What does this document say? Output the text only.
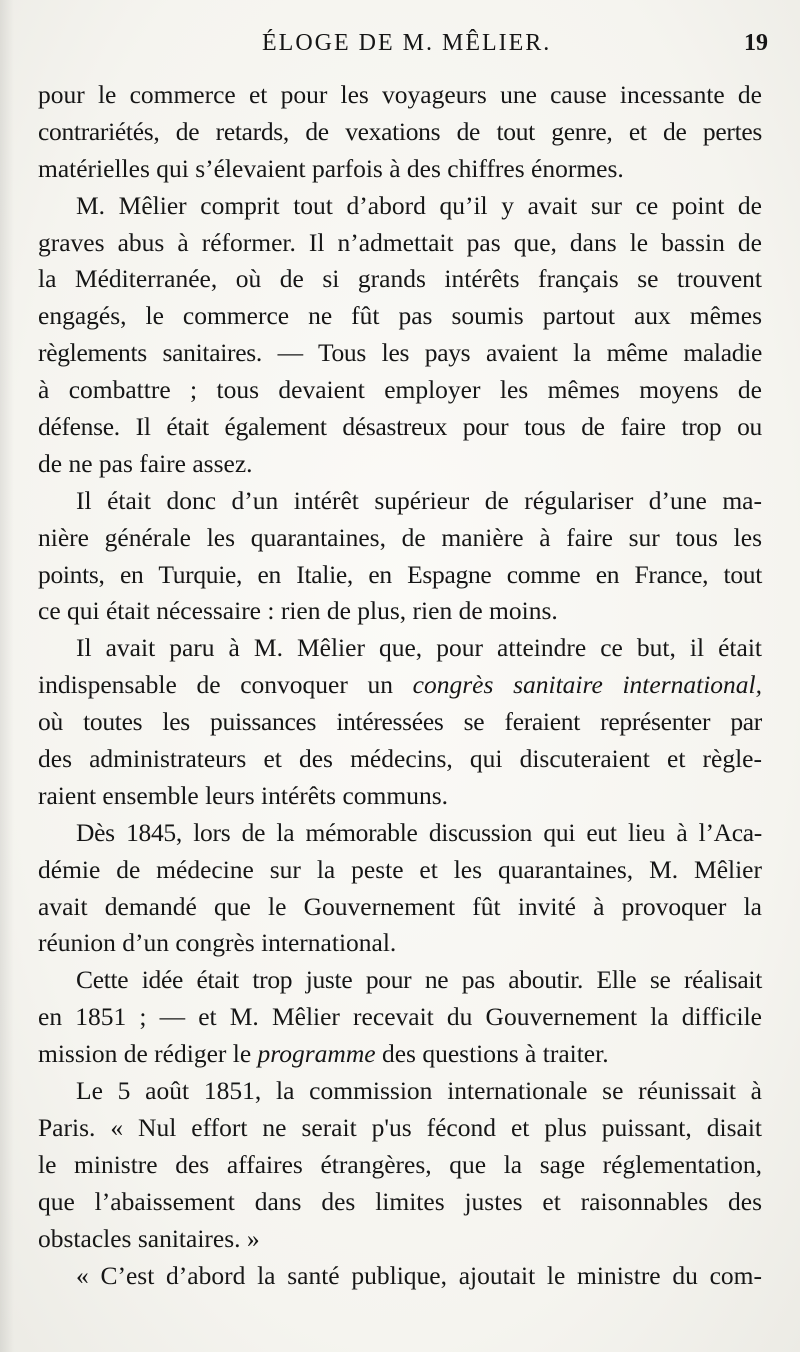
ÉLOGE DE M. MÊLIER.	19
pour le commerce et pour les voyageurs une cause incessante de
contrariétés, de retards, de vexations de tout genre, et de pertes
matérielles qui s’élevaient parfois à des chiffres énormes.
M. Mêlier comprit tout d’abord qu’il y avait sur ce point de
graves abus à réformer. Il n’admettait pas que, dans le bassin de
la Méditerranée, où de si grands intérêts français se trouvent
engagés, le commerce ne fût pas soumis partout aux mêmes
règlements sanitaires. — Tous les pays avaient la même maladie
à combattre ; tous devaient employer les mêmes moyens de
défense. Il était également désastreux pour tous de faire trop ou
de ne pas faire assez.
Il était donc d’un intérêt supérieur de régulariser d’une ma-
nière générale les quarantaines, de manière à faire sur tous les
points, en Turquie, en Italie, en Espagne comme en France, tout
ce qui était nécessaire : rien de plus, rien de moins.
Il avait paru à M. Mêlier que, pour atteindre ce but, il était
indispensable de convoquer un congrès sanitaire international,
où toutes les puissances intéressées se feraient représenter par
des administrateurs et des médecins, qui discuteraient et règle-
raient ensemble leurs intérêts communs.
Dès 1845, lors de la mémorable discussion qui eut lieu à l’Aca-
démie de médecine sur la peste et les quarantaines, M. Mêlier
avait demandé que le Gouvernement fût invité à provoquer la
réunion d’un congrès international.
Cette idée était trop juste pour ne pas aboutir. Elle se réalisait
en 1851 ; — et M. Mêlier recevait du Gouvernement la difficile
mission de rédiger le programme des questions à traiter.
Le 5 août 1851, la commission internationale se réunissait à
Paris. « Nul effort ne serait p'us fécond et plus puissant, disait
le ministre des affaires étrangères, que la sage réglementation,
que l’abaissement dans des limites justes et raisonnables des
obstacles sanitaires. »
« C’est d’abord la santé publique, ajoutait le ministre du com-
